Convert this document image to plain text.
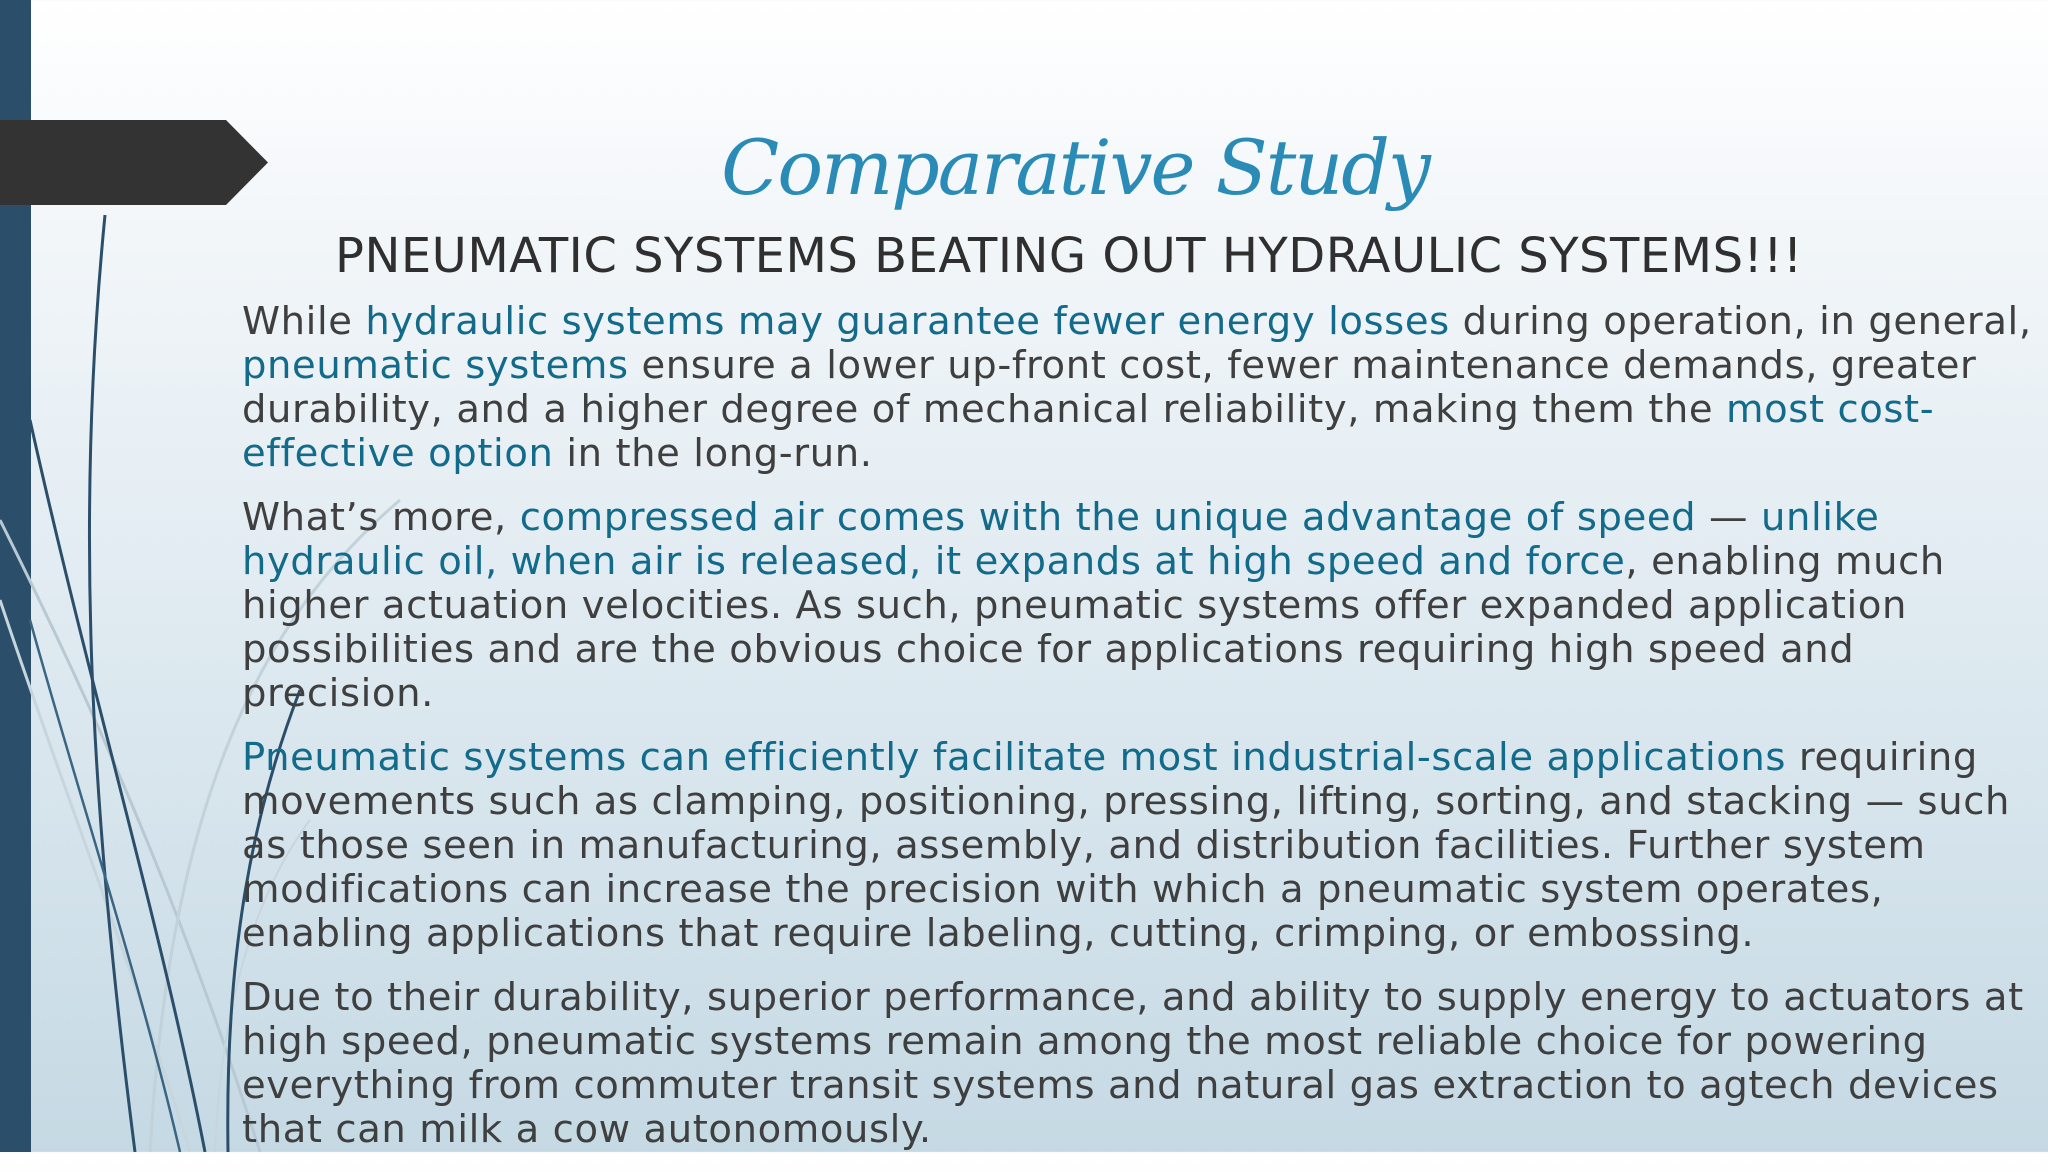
Comparative Study
PNEUMATIC SYSTEMS BEATING OUT HYDRAULIC SYSTEMS!!!

While hydraulic systems may guarantee fewer energy losses during operation, in general, pneumatic systems ensure a lower up-front cost, fewer maintenance demands, greater durability, and a higher degree of mechanical reliability, making them the most cost-effective option in the long-run.

What’s more, compressed air comes with the unique advantage of speed — unlike hydraulic oil, when air is released, it expands at high speed and force, enabling much higher actuation velocities. As such, pneumatic systems offer expanded application possibilities and are the obvious choice for applications requiring high speed and precision.

Pneumatic systems can efficiently facilitate most industrial-scale applications requiring movements such as clamping, positioning, pressing, lifting, sorting, and stacking — such as those seen in manufacturing, assembly, and distribution facilities. Further system modifications can increase the precision with which a pneumatic system operates, enabling applications that require labeling, cutting, crimping, or embossing.

Due to their durability, superior performance, and ability to supply energy to actuators at high speed, pneumatic systems remain among the most reliable choice for powering everything from commuter transit systems and natural gas extraction to agtech devices that can milk a cow autonomously.
